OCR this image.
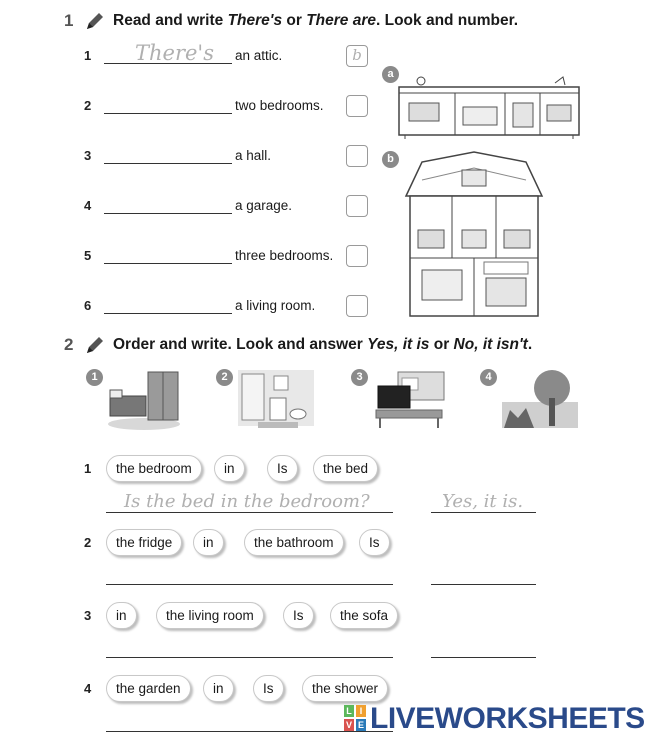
1	Read and write There's or There are. Look and number.
1 There's an attic.	b
2	two bedrooms.
3	a hall.
4	a garage.
5	three bedrooms.
6	a living room.
a
b
2	Order and write. Look and answer Yes, it is or No, it isn't.
1	2	3	4
1	the bedroom	in	Is	the bed
Is the bed in the bedroom?	Yes, it is.
2	the fridge	in	the bathroom	Is
3	in	the living room	Is	the sofa
4	the garden	in	Is	the shower
L I
V E LIVEWORKSHEETS
